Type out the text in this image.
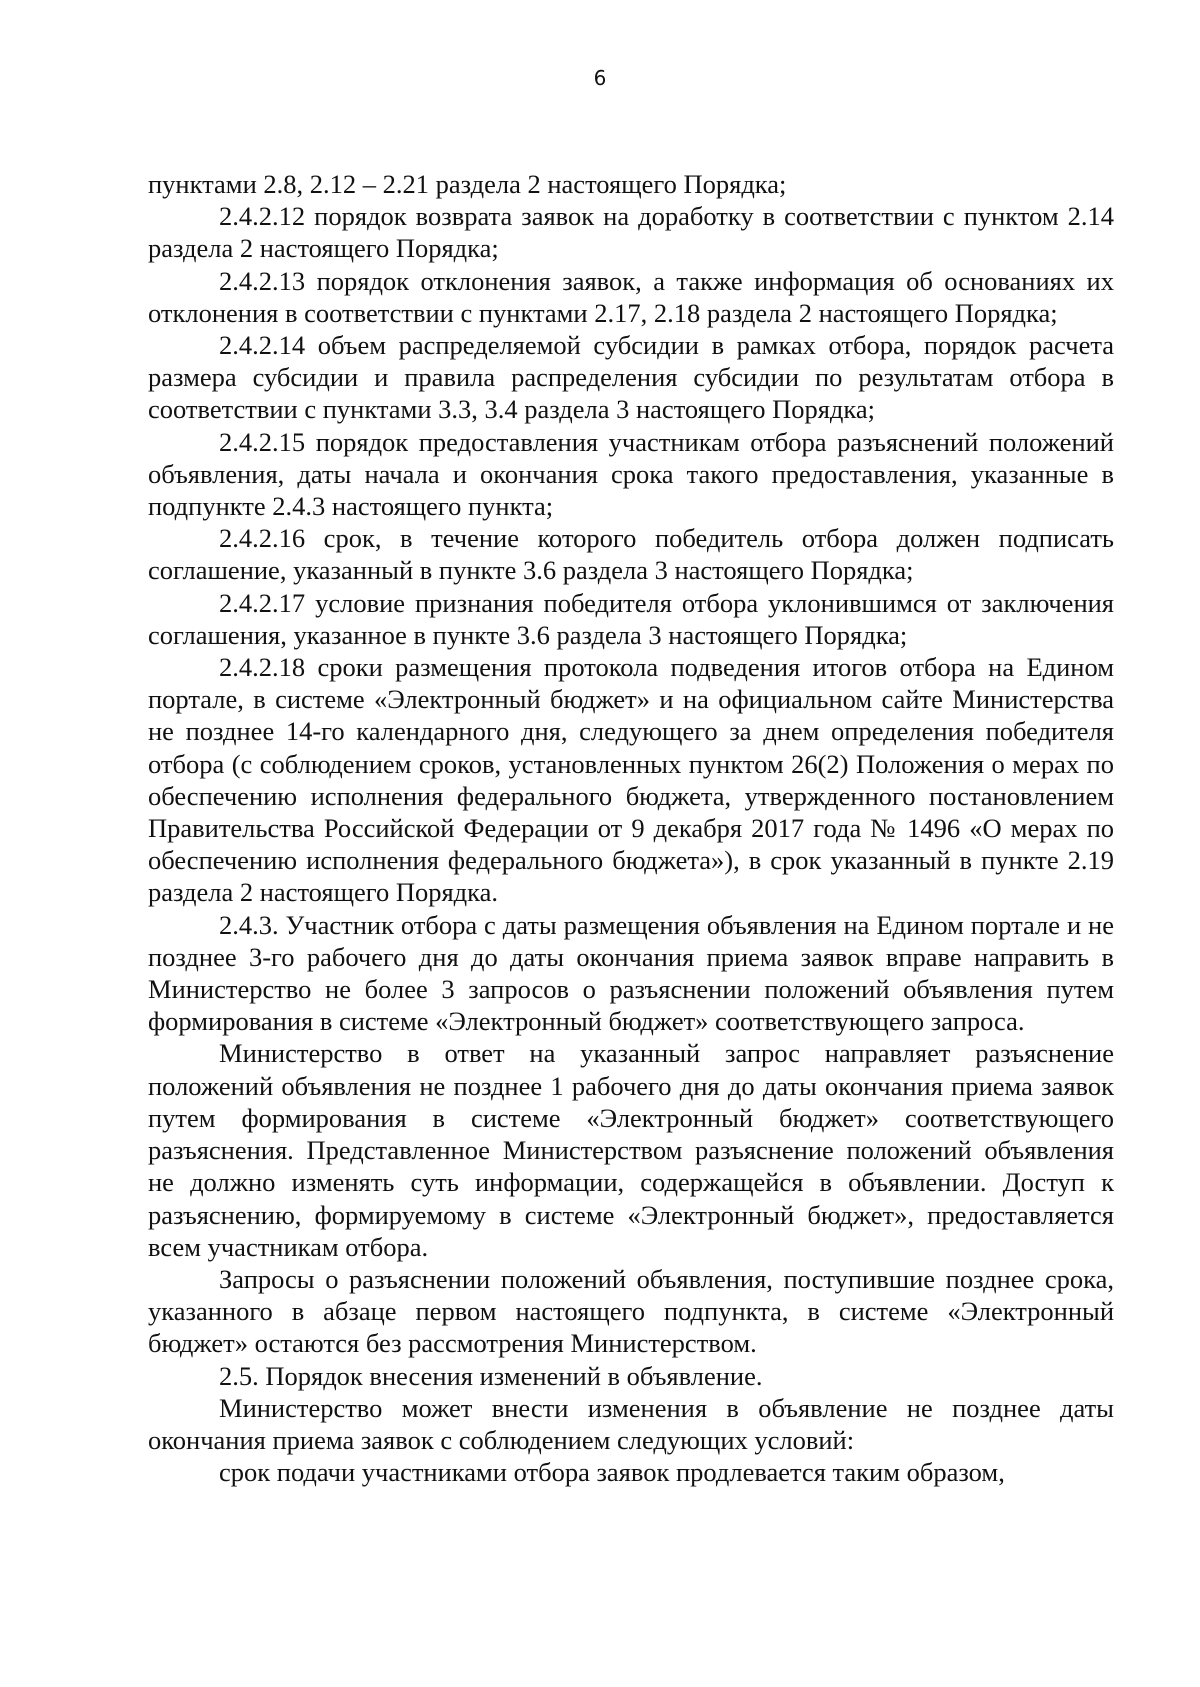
6

пунктами 2.8, 2.12 – 2.21 раздела 2 настоящего Порядка;

2.4.2.12 порядок возврата заявок на доработку в соответствии с пунктом 2.14 раздела 2 настоящего Порядка;

2.4.2.13 порядок отклонения заявок, а также информация об основаниях их отклонения в соответствии с пунктами 2.17, 2.18 раздела 2 настоящего Порядка;

2.4.2.14 объем распределяемой субсидии в рамках отбора, порядок расчета размера субсидии и правила распределения субсидии по результатам отбора в соответствии с пунктами 3.3, 3.4 раздела 3 настоящего Порядка;

2.4.2.15 порядок предоставления участникам отбора разъяснений положений объявления, даты начала и окончания срока такого предоставления, указанные в подпункте 2.4.3 настоящего пункта;

2.4.2.16 срок, в течение которого победитель отбора должен подписать соглашение, указанный в пункте 3.6 раздела 3 настоящего Порядка;

2.4.2.17 условие признания победителя отбора уклонившимся от заключения соглашения, указанное в пункте 3.6 раздела 3 настоящего Порядка;

2.4.2.18 сроки размещения протокола подведения итогов отбора на Едином портале, в системе «Электронный бюджет» и на официальном сайте Министерства не позднее 14-го календарного дня, следующего за днем определения победителя отбора (с соблюдением сроков, установленных пунктом 26(2) Положения о мерах по обеспечению исполнения федерального бюджета, утвержденного постановлением Правительства Российской Федерации от 9 декабря 2017 года № 1496 «О мерах по обеспечению исполнения федерального бюджета»), в срок указанный в пункте 2.19 раздела 2 настоящего Порядка.

2.4.3. Участник отбора с даты размещения объявления на Едином портале и не позднее 3-го рабочего дня до даты окончания приема заявок вправе направить в Министерство не более 3 запросов о разъяснении положений объявления путем формирования в системе «Электронный бюджет» соответствующего запроса.

Министерство в ответ на указанный запрос направляет разъяснение положений объявления не позднее 1 рабочего дня до даты окончания приема заявок путем формирования в системе «Электронный бюджет» соответствующего разъяснения. Представленное Министерством разъяснение положений объявления не должно изменять суть информации, содержащейся в объявлении. Доступ к разъяснению, формируемому в системе «Электронный бюджет», предоставляется всем участникам отбора.

Запросы о разъяснении положений объявления, поступившие позднее срока, указанного в абзаце первом настоящего подпункта, в системе «Электронный бюджет» остаются без рассмотрения Министерством.

2.5. Порядок внесения изменений в объявление.

Министерство может внести изменения в объявление не позднее даты окончания приема заявок с соблюдением следующих условий:

срок подачи участниками отбора заявок продлевается таким образом,
